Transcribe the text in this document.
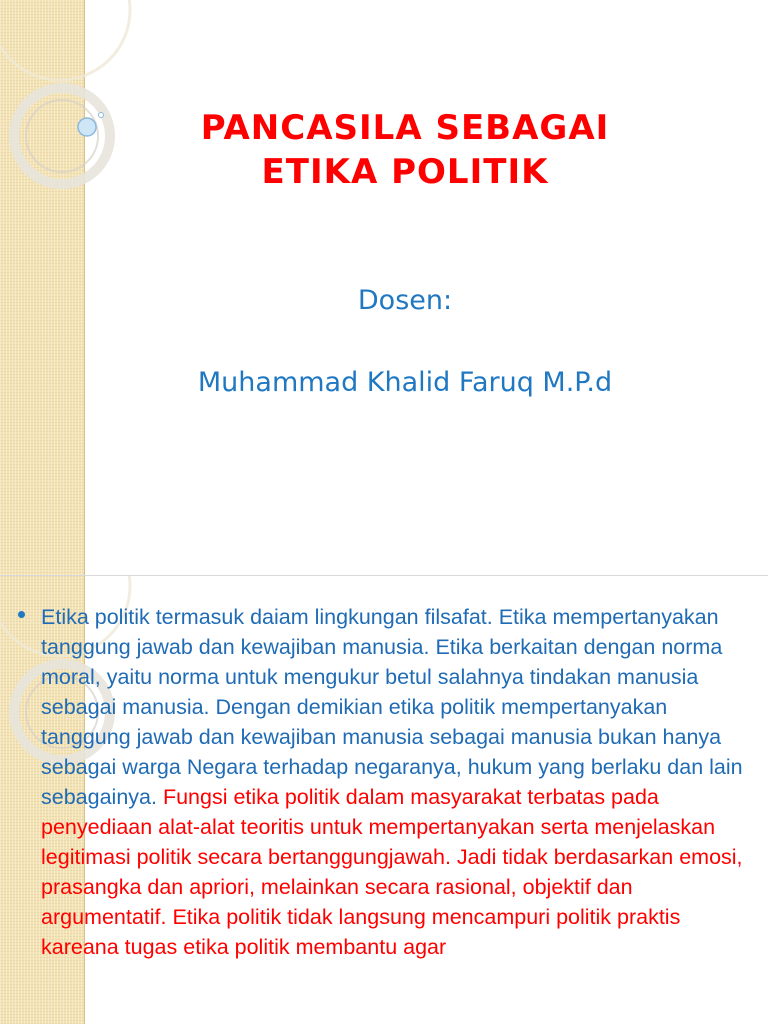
PANCASILA SEBAGAI
ETIKA POLITIK
Dosen:
Muhammad Khalid Faruq M.P.d
Etika politik termasuk daiam lingkungan filsafat. Etika mempertanyakan tanggung jawab dan kewajiban manusia. Etika berkaitan dengan norma moral, yaitu norma untuk mengukur betul salahnya tindakan manusia sebagai manusia. Dengan demikian etika politik mempertanyakan tanggung jawab dan kewajiban manusia sebagai manusia bukan hanya sebagai warga Negara terhadap negaranya, hukum yang berlaku dan lain sebagainya. Fungsi etika politik dalam masyarakat terbatas pada penyediaan alat-alat teoritis untuk mempertanyakan serta menjelaskan legitimasi politik secara bertanggungjawah. Jadi tidak berdasarkan emosi, prasangka dan apriori, melainkan secara rasional, objektif dan argumentatif. Etika politik tidak langsung mencampuri politik praktis kareana tugas etika politik membantu agar
